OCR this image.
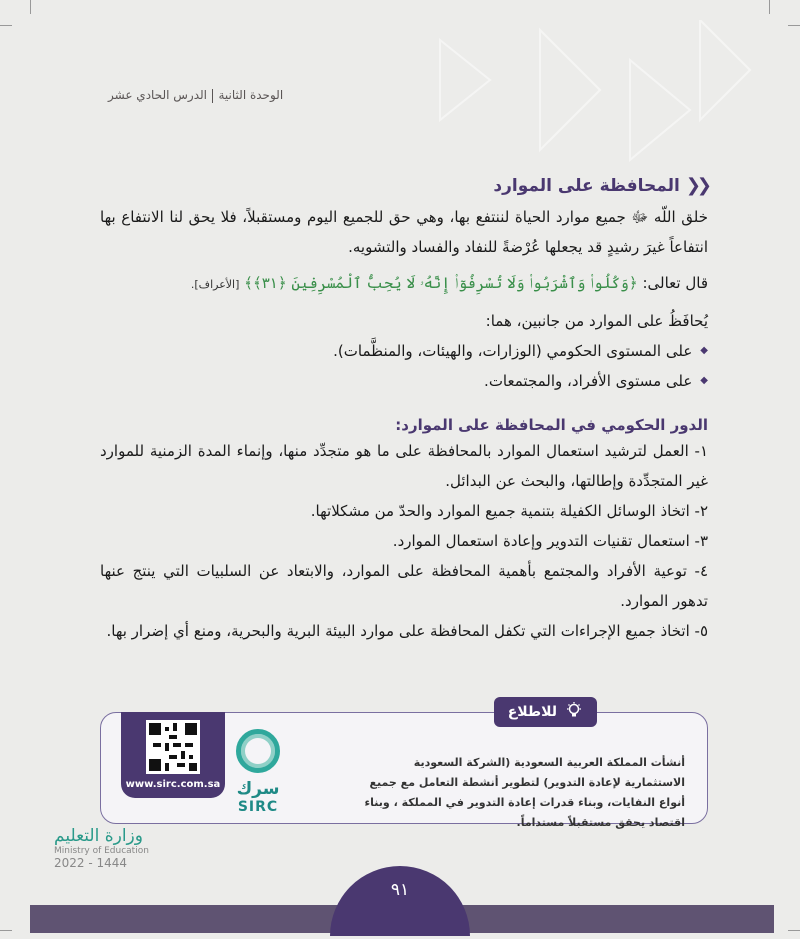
الوحدة الثانيةالدرس الحادي عشر
❮❮
المحافظة على الموارد

خلق اللّه ﷻ جميع موارد الحياة لننتفع بها، وهي حق للجميع اليوم ومستقبلاً، فلا يحق لنا الانتفاع بها انتفاعاً غيرَ رشيدٍ قد يجعلها عُرْضةً للنفاد والفساد والتشويه.

قال تعالى: ﴿وَكُلُوا۟ وَٱشْرَبُوا۟ وَلَا تُسْرِفُوٓا۟ إِنَّهُۥ لَا يُحِبُّ ٱلْمُسْرِفِينَ ﴿٣١﴾﴾ [الأعراف].

يُحافَظُ على الموارد من جانبين، هما:

◆
على المستوى الحكومي (الوزارات، والهيئات، والمنظَّمات).
◆
على مستوى الأفراد، والمجتمعات.
الدور الحكومي في المحافظة على الموارد:
١- العمل لترشيد استعمال الموارد بالمحافظة على ما هو متجدِّد منها، وإنماء المدة الزمنية للموارد غير المتجدِّدة وإطالتها، والبحث عن البدائل.
٢- اتخاذ الوسائل الكفيلة بتنمية جميع الموارد والحدّ من مشكلاتها.
٣- استعمال تقنيات التدوير وإعادة استعمال الموارد.
٤- توعية الأفراد والمجتمع بأهمية المحافظة على الموارد، والابتعاد عن السلبيات التي ينتج عنها تدهور الموارد.
٥- اتخاذ جميع الإجراءات التي تكفل المحافظة على موارد البيئة البرية والبحرية، ومنع أي إضرار بها.
للاطلاع

أنشأت المملكة العربية السعودية (الشركة السعودية الاستثمارية لإعادة التدوير) لتطوير أنشطة التعامل مع جميع أنواع النفايات، وبناء قدرات إعادة التدوير في المملكة ، وبناء اقتصاد يحقق مستقبلاً مستداماً.

سرك
SIRC
www.sirc.com.sa
وزارة التعليم
Ministry of Education
2022 - 1444
٩١
